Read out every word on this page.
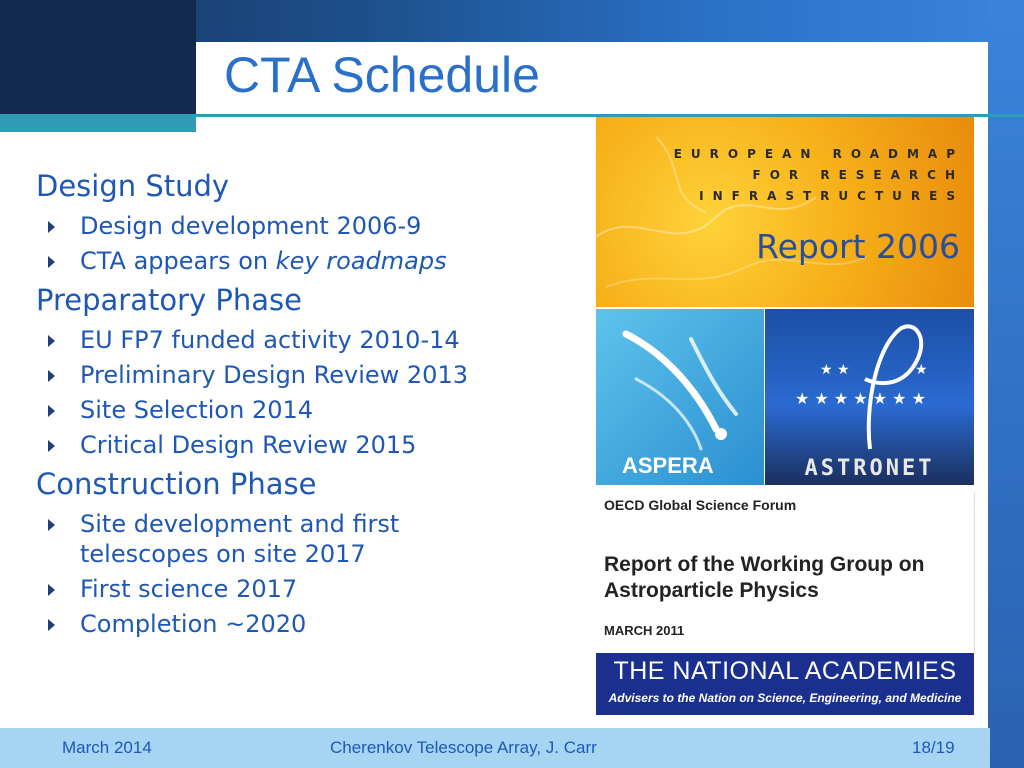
CTA Schedule
Design Study
Design development 2006-9
CTA appears on key roadmaps
Preparatory Phase
EU FP7 funded activity 2010-14
Preliminary Design Review 2013
Site Selection 2014
Critical Design Review 2015
Construction Phase
Site development and first telescopes on site 2017
First science 2017
Completion ~2020
EUROPEAN ROADMAP
FOR RESEARCH
INFRASTRUCTURES
Report 2006
ASPERA
★ ★ ★ ★ ★ ★ ★
★ ★	★
ASTRONET
OECD Global Science Forum
Report of the Working Group on Astroparticle Physics
MARCH 2011
THE NATIONAL ACADEMIES
Advisers to the Nation on Science, Engineering, and Medicine
March 2014	Cherenkov Telescope Array, J. Carr	18/19
